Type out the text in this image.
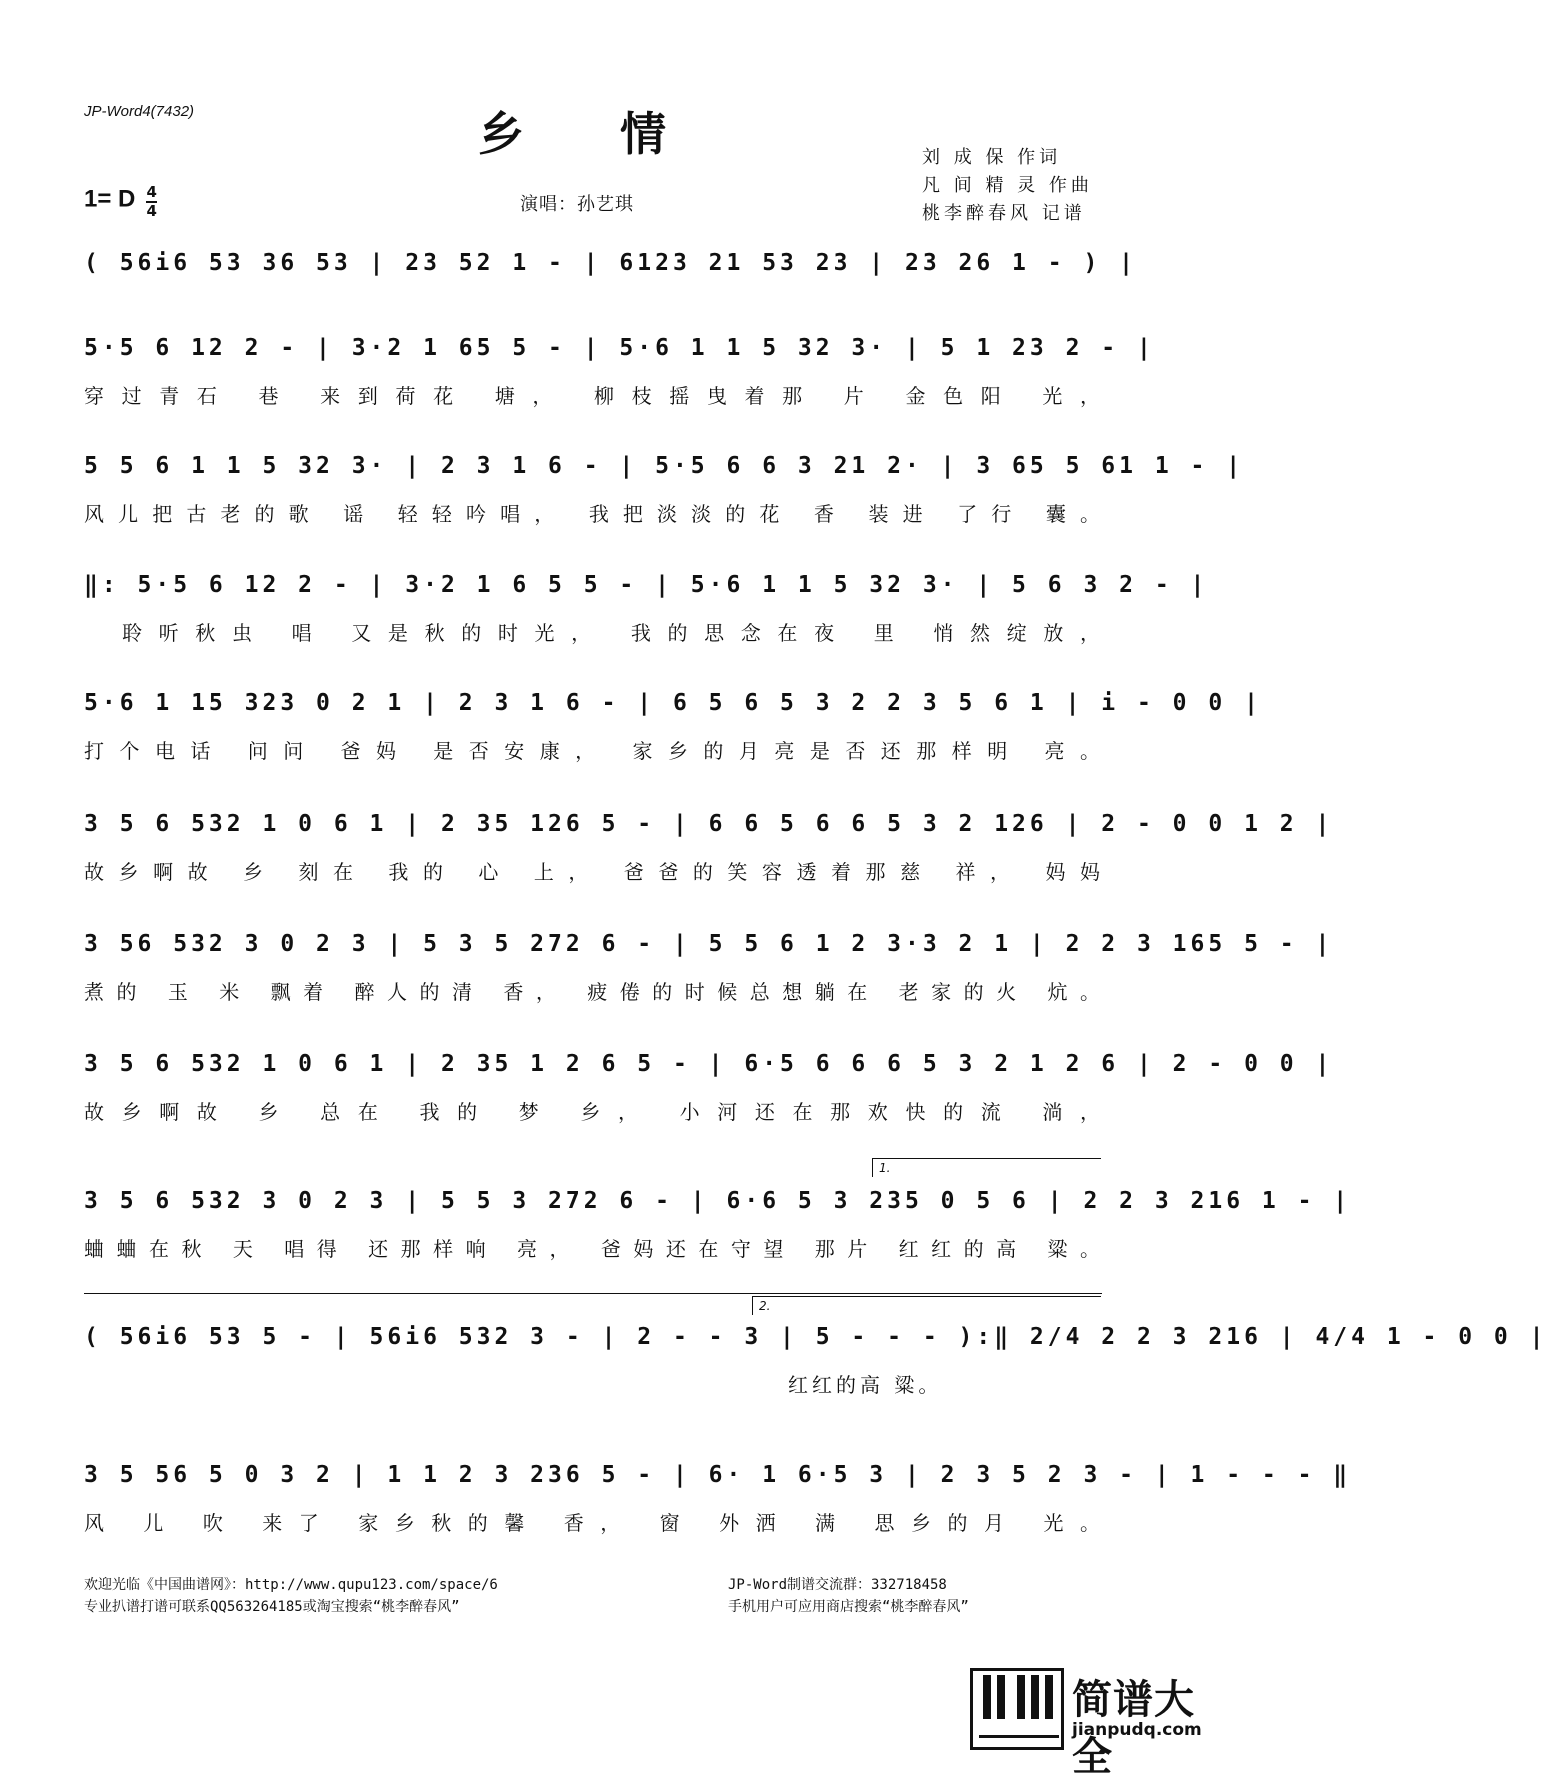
JP-Word4(7432)	乡 情
1= D $\frac{4}{4}$	演唱：孙艺琪
刘 成 保 作词
凡 间 精 灵 作曲
桃李醉春风 记谱
( 56i6 53 36 53 | 23 52 1 - | 6123 21 53 23 | 23 26 1 - ) |
5·5 6 12 2 - | 3·2 1 65 5 - | 5·6 1 1 5 32 3· | 5 1 23 2 - |
穿过青石 巷 来到荷花 塘， 柳枝摇曳着那 片 金色阳 光，
5 5 6 1 1 5 32 3· | 2 3 1 6 - | 5·5 6 6 3 21 2· | 3 65 5 61 1 - |
风儿把古老的歌 谣 轻轻吟唱， 我把淡淡的花 香 装进 了行 囊。
‖: 5·5 6 12 2 - | 3·2 1 6 5 5 - | 5·6 1 1 5 32 3· | 5 6 3 2 - |
聆听秋虫 唱 又是秋的时光， 我的思念在夜 里 悄然绽放，
5·6 1 15 323 0 2 1 | 2 3 1 6 - | 6 5 6 5 3 2 2 3 5 6 1 | i - 0 0 |
打个电话 问问 爸妈 是否安康， 家乡的月亮是否还那样明 亮。
3 5 6 532 1 0 6 1 | 2 35 126 5 - | 6 6 5 6 6 5 3 2 126 | 2 - 0 0 1 2 |
故乡啊故 乡 刻在 我的 心 上， 爸爸的笑容透着那慈 祥， 妈妈
3 56 532 3 0 2 3 | 5 3 5 272 6 - | 5 5 6 1 2 3·3 2 1 | 2 2 3 165 5 - |
煮的 玉 米 飘着 醉人的清 香， 疲倦的时候总想躺在 老家的火 炕。
3 5 6 532 1 0 6 1 | 2 35 1 2 6 5 - | 6·5 6 6 6 5 3 2 1 2 6 | 2 - 0 0 |
故乡啊故 乡 总在 我的 梦 乡， 小河还在那欢快的流 淌，
1.
3 5 6 532 3 0 2 3 | 5 5 3 272 6 - | 6·6 5 3 235 0 5 6 | 2 2 3 216 1 - |
蛐蛐在秋 天 唱得 还那样响 亮， 爸妈还在守望 那片 红红的高 粱。
2.
( 56i6 53 5 - | 56i6 532 3 - | 2 - - 3 | 5 - - - ):‖ 2/4 2 2 3 216 | 4/4 1 - 0 0 |
红红的高 粱。
3 5 56 5 0 3 2 | 1 1 2 3 236 5 - | 6· 1 6·5 3 | 2 3 5 2 3 - | 1 - - - ‖
风 儿 吹 来了 家乡秋的馨 香， 窗 外洒 满 思乡的月 光。
欢迎光临《中国曲谱网》：http://www.qupu123.com/space/6
专业扒谱打谱可联系QQ563264185或淘宝搜索“桃李醉春风”
JP-Word制谱交流群：332718458
手机用户可应用商店搜索“桃李醉春风”
简谱大全
jianpudq.com
